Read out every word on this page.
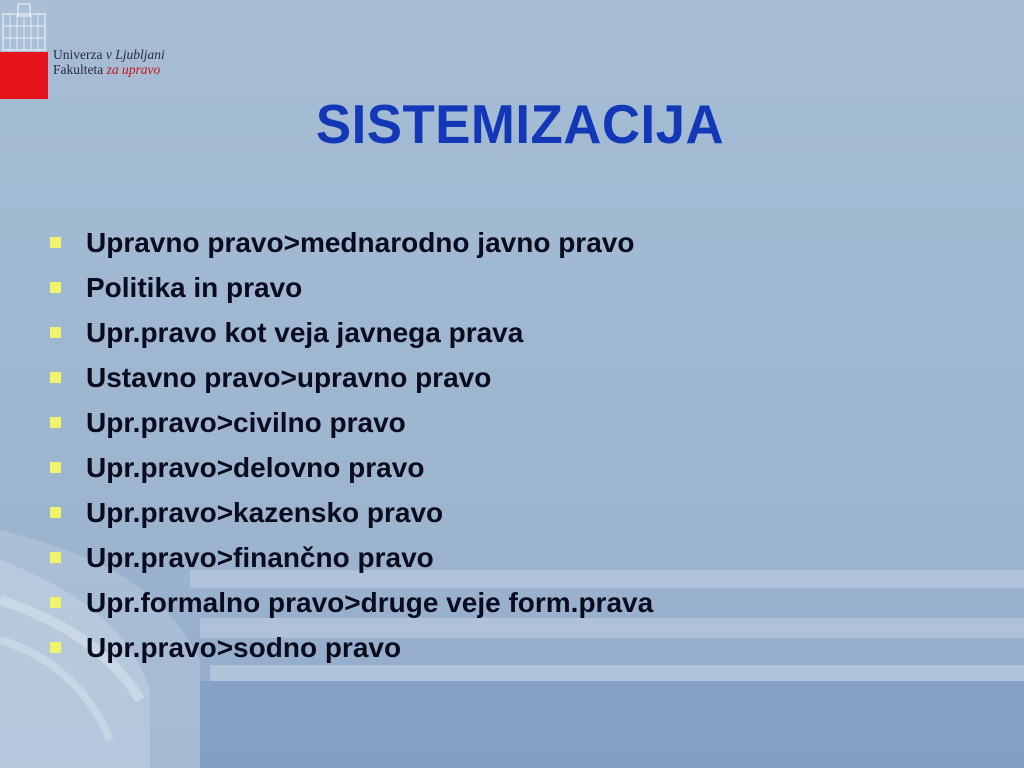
Univerza v Ljubljani
Fakulteta za upravo
SISTEMIZACIJA
Upravno pravo>mednarodno javno pravo
Politika in pravo
Upr.pravo kot veja javnega prava
Ustavno pravo>upravno pravo
Upr.pravo>civilno pravo
Upr.pravo>delovno pravo
Upr.pravo>kazensko pravo
Upr.pravo>finančno pravo
Upr.formalno pravo>druge veje form.prava
Upr.pravo>sodno pravo
